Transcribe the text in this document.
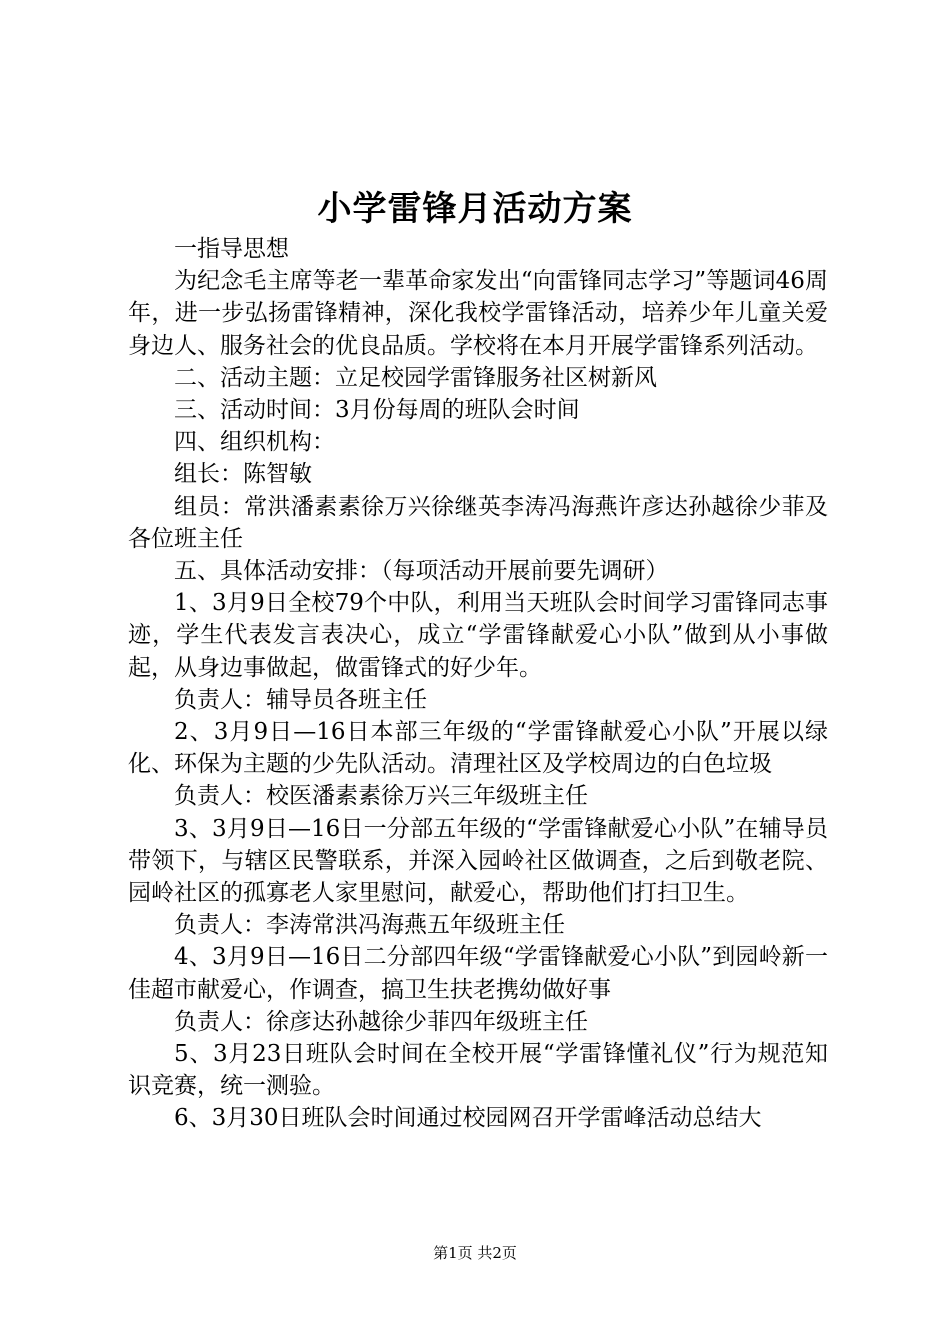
小学雷锋月活动方案

一指导思想

为纪念毛主席等老一辈革命家发出“向雷锋同志学习”等题词46周年，进一步弘扬雷锋精神，深化我校学雷锋活动，培养少年儿童关爱身边人、服务社会的优良品质。学校将在本月开展学雷锋系列活动。

二、活动主题：立足校园学雷锋服务社区树新风

三、活动时间：3月份每周的班队会时间

四、组织机构：

组长：陈智敏

组员：常洪潘素素徐万兴徐继英李涛冯海燕许彦达孙越徐少菲及各位班主任

五、具体活动安排：（每项活动开展前要先调研）

1、3月9日全校79个中队，利用当天班队会时间学习雷锋同志事迹，学生代表发言表决心，成立“学雷锋献爱心小队”做到从小事做起，从身边事做起，做雷锋式的好少年。

负责人：辅导员各班主任

2、3月9日—16日本部三年级的“学雷锋献爱心小队”开展以绿化、环保为主题的少先队活动。清理社区及学校周边的白色垃圾

负责人：校医潘素素徐万兴三年级班主任

3、3月9日—16日一分部五年级的“学雷锋献爱心小队”在辅导员带领下，与辖区民警联系，并深入园岭社区做调查，之后到敬老院、园岭社区的孤寡老人家里慰问，献爱心，帮助他们打扫卫生。

负责人：李涛常洪冯海燕五年级班主任

4、3月9日—16日二分部四年级“学雷锋献爱心小队”到园岭新一佳超市献爱心，作调查，搞卫生扶老携幼做好事

负责人：徐彦达孙越徐少菲四年级班主任

5、3月23日班队会时间在全校开展“学雷锋懂礼仪”行为规范知识竞赛，统一测验。

6、3月30日班队会时间通过校园网召开学雷峰活动总结大

第1页 共2页
